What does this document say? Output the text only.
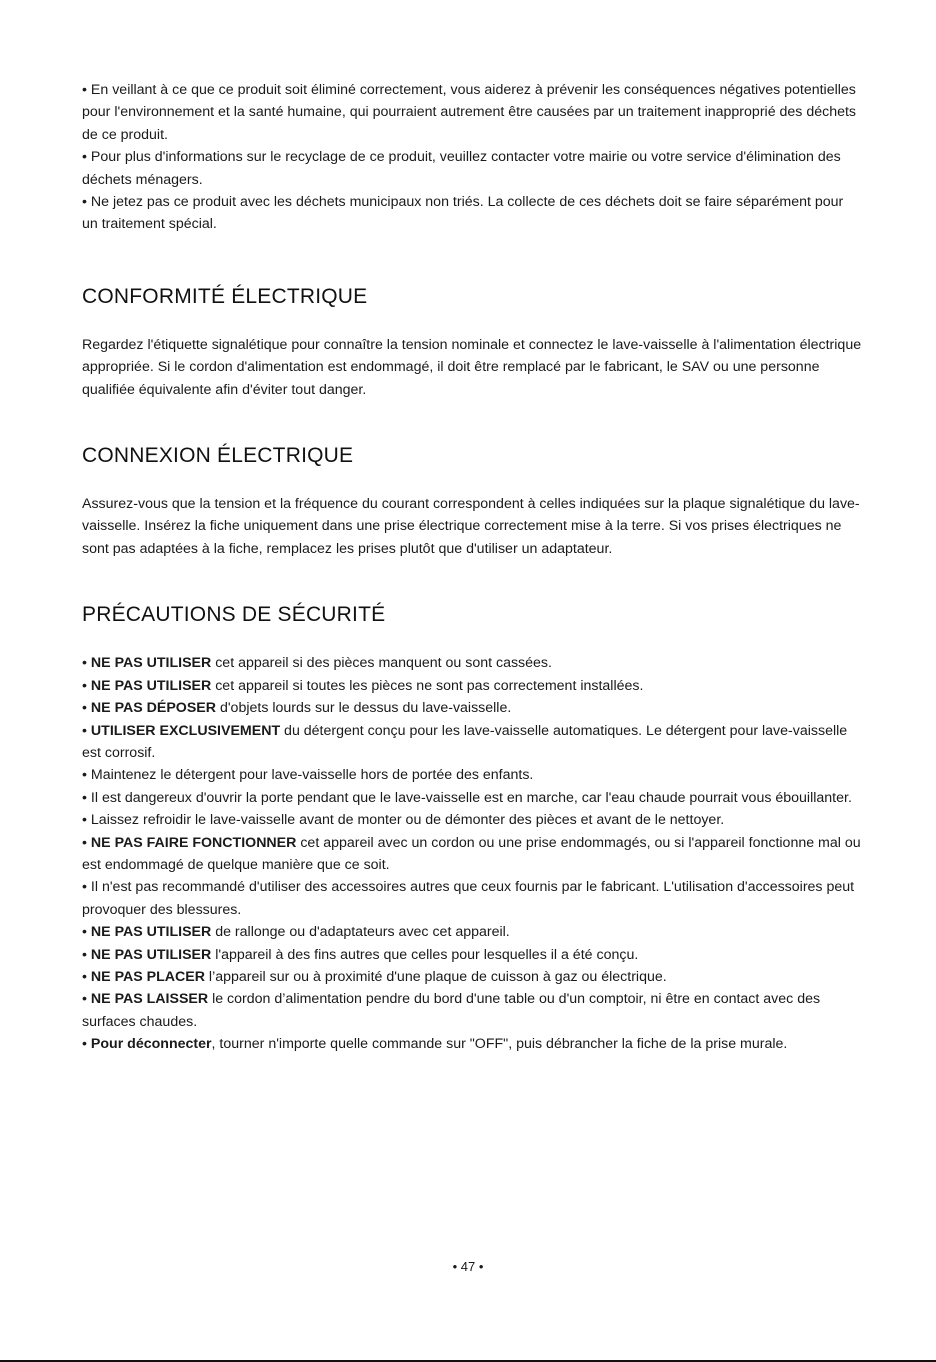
• En veillant à ce que ce produit soit éliminé correctement, vous aiderez à prévenir les conséquences négatives potentielles pour l'environnement et la santé humaine, qui pourraient autrement être causées par un traitement inapproprié des déchets de ce produit.

• Pour plus d'informations sur le recyclage de ce produit, veuillez contacter votre mairie ou votre service d'élimination des déchets ménagers.

• Ne jetez pas ce produit avec les déchets municipaux non triés. La collecte de ces déchets doit se faire séparément pour un traitement spécial.

CONFORMITÉ ÉLECTRIQUE

Regardez l'étiquette signalétique pour connaître la tension nominale et connectez le lave-vaisselle à l'alimentation électrique appropriée. Si le cordon d'alimentation est endommagé, il doit être remplacé par le fabricant, le SAV ou une personne qualifiée équivalente afin d'éviter tout danger.

CONNEXION ÉLECTRIQUE

Assurez-vous que la tension et la fréquence du courant correspondent à celles indiquées sur la plaque signalétique du lave-vaisselle. Insérez la fiche uniquement dans une prise électrique correctement mise à la terre. Si vos prises électriques ne sont pas adaptées à la fiche, remplacez les prises plutôt que d'utiliser un adaptateur.

PRÉCAUTIONS DE SÉCURITÉ

• NE PAS UTILISER cet appareil si des pièces manquent ou sont cassées.

• NE PAS UTILISER cet appareil si toutes les pièces ne sont pas correctement installées.

• NE PAS DÉPOSER d'objets lourds sur le dessus du lave-vaisselle.

• UTILISER EXCLUSIVEMENT du détergent conçu pour les lave-vaisselle automatiques. Le détergent pour lave-vaisselle est corrosif.

• Maintenez le détergent pour lave-vaisselle hors de portée des enfants.

• Il est dangereux d'ouvrir la porte pendant que le lave-vaisselle est en marche, car l'eau chaude pourrait vous ébouillanter.

• Laissez refroidir le lave-vaisselle avant de monter ou de démonter des pièces et avant de le nettoyer.

• NE PAS FAIRE FONCTIONNER cet appareil avec un cordon ou une prise endommagés, ou si l'appareil fonctionne mal ou est endommagé de quelque manière que ce soit.

• Il n'est pas recommandé d'utiliser des accessoires autres que ceux fournis par le fabricant. L'utilisation d'accessoires peut provoquer des blessures.

• NE PAS UTILISER de rallonge ou d'adaptateurs avec cet appareil.

• NE PAS UTILISER l'appareil à des fins autres que celles pour lesquelles il a été conçu.

• NE PAS PLACER l’appareil sur ou à proximité d'une plaque de cuisson à gaz ou électrique.

• NE PAS LAISSER le cordon d’alimentation pendre du bord d'une table ou d'un comptoir, ni être en contact avec des surfaces chaudes.

• Pour déconnecter, tourner n'importe quelle commande sur "OFF", puis débrancher la fiche de la prise murale.

• 47 •
